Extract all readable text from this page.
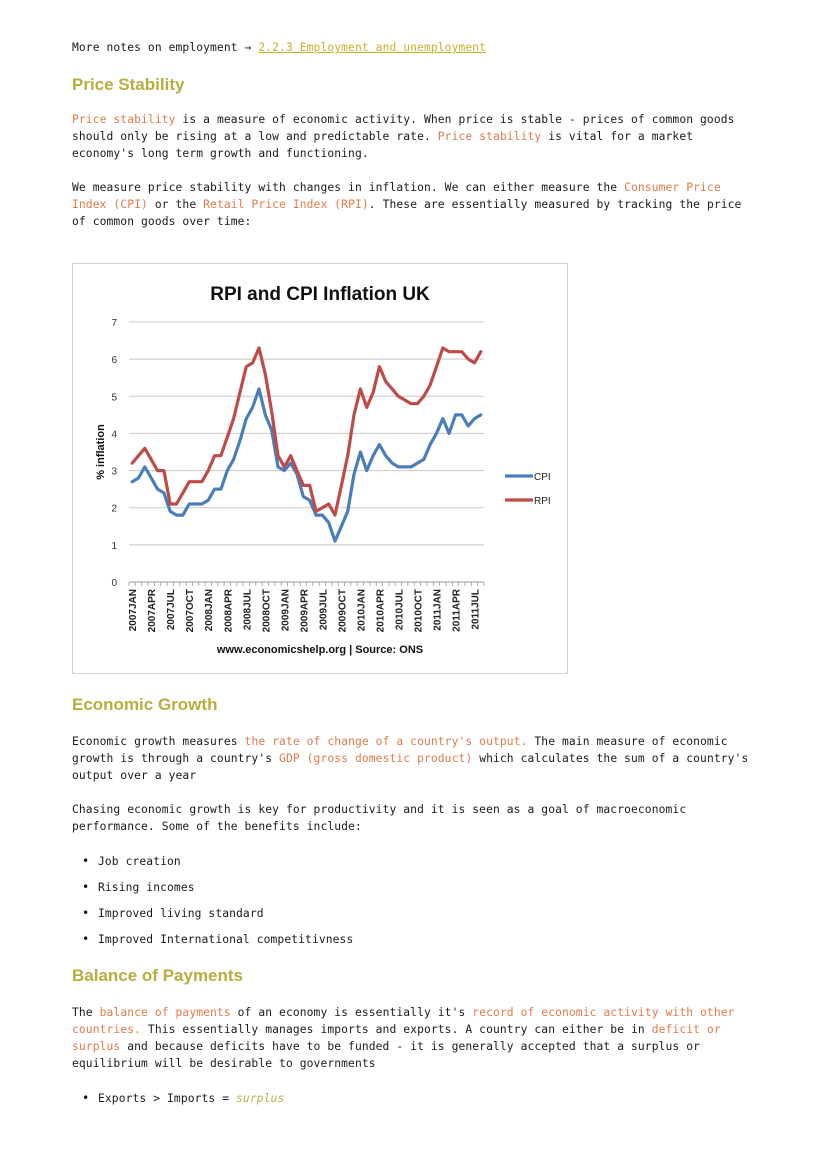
More notes on employment → 2.2.3 Employment and unemployment

Price Stability

Price stability is a measure of economic activity. When price is stable - prices of common goods should only be rising at a low and predictable rate. Price stability is vital for a market economy's long term growth and functioning.

We measure price stability with changes in inflation. We can either measure the Consumer Price Index (CPI) or the Retail Price Index (RPI). These are essentially measured by tracking the price of common goods over time:

RPI and CPI Inflation UK
% inflation
www.economicshelp.org | Source: ONS
0
1
2
3
4
5
6
7
2007JAN 2007APR 2007JUL 2007OCT 2008JAN 2008APR 2008JUL 2008OCT 2009JAN 2009APR 2009JUL 2009OCT 2010JAN 2010APR 2010JUL 2010OCT 2011JAN 2011APR 2011JUL
CPI
RPI
Economic Growth

Economic growth measures the rate of change of a country's output. The main measure of economic growth is through a country's GDP (gross domestic product) which calculates the sum of a country's output over a year

Chasing economic growth is key for productivity and it is seen as a goal of macroeconomic performance. Some of the benefits include:

• Job creation
• Rising incomes
• Improved living standard
• Improved International competitivness
Balance of Payments

The balance of payments of an economy is essentially it's record of economic activity with other countries. This essentially manages imports and exports. A country can either be in deficit or surplus and because deficits have to be funded - it is generally accepted that a surplus or equilibrium will be desirable to governments

• Exports > Imports = surplus
